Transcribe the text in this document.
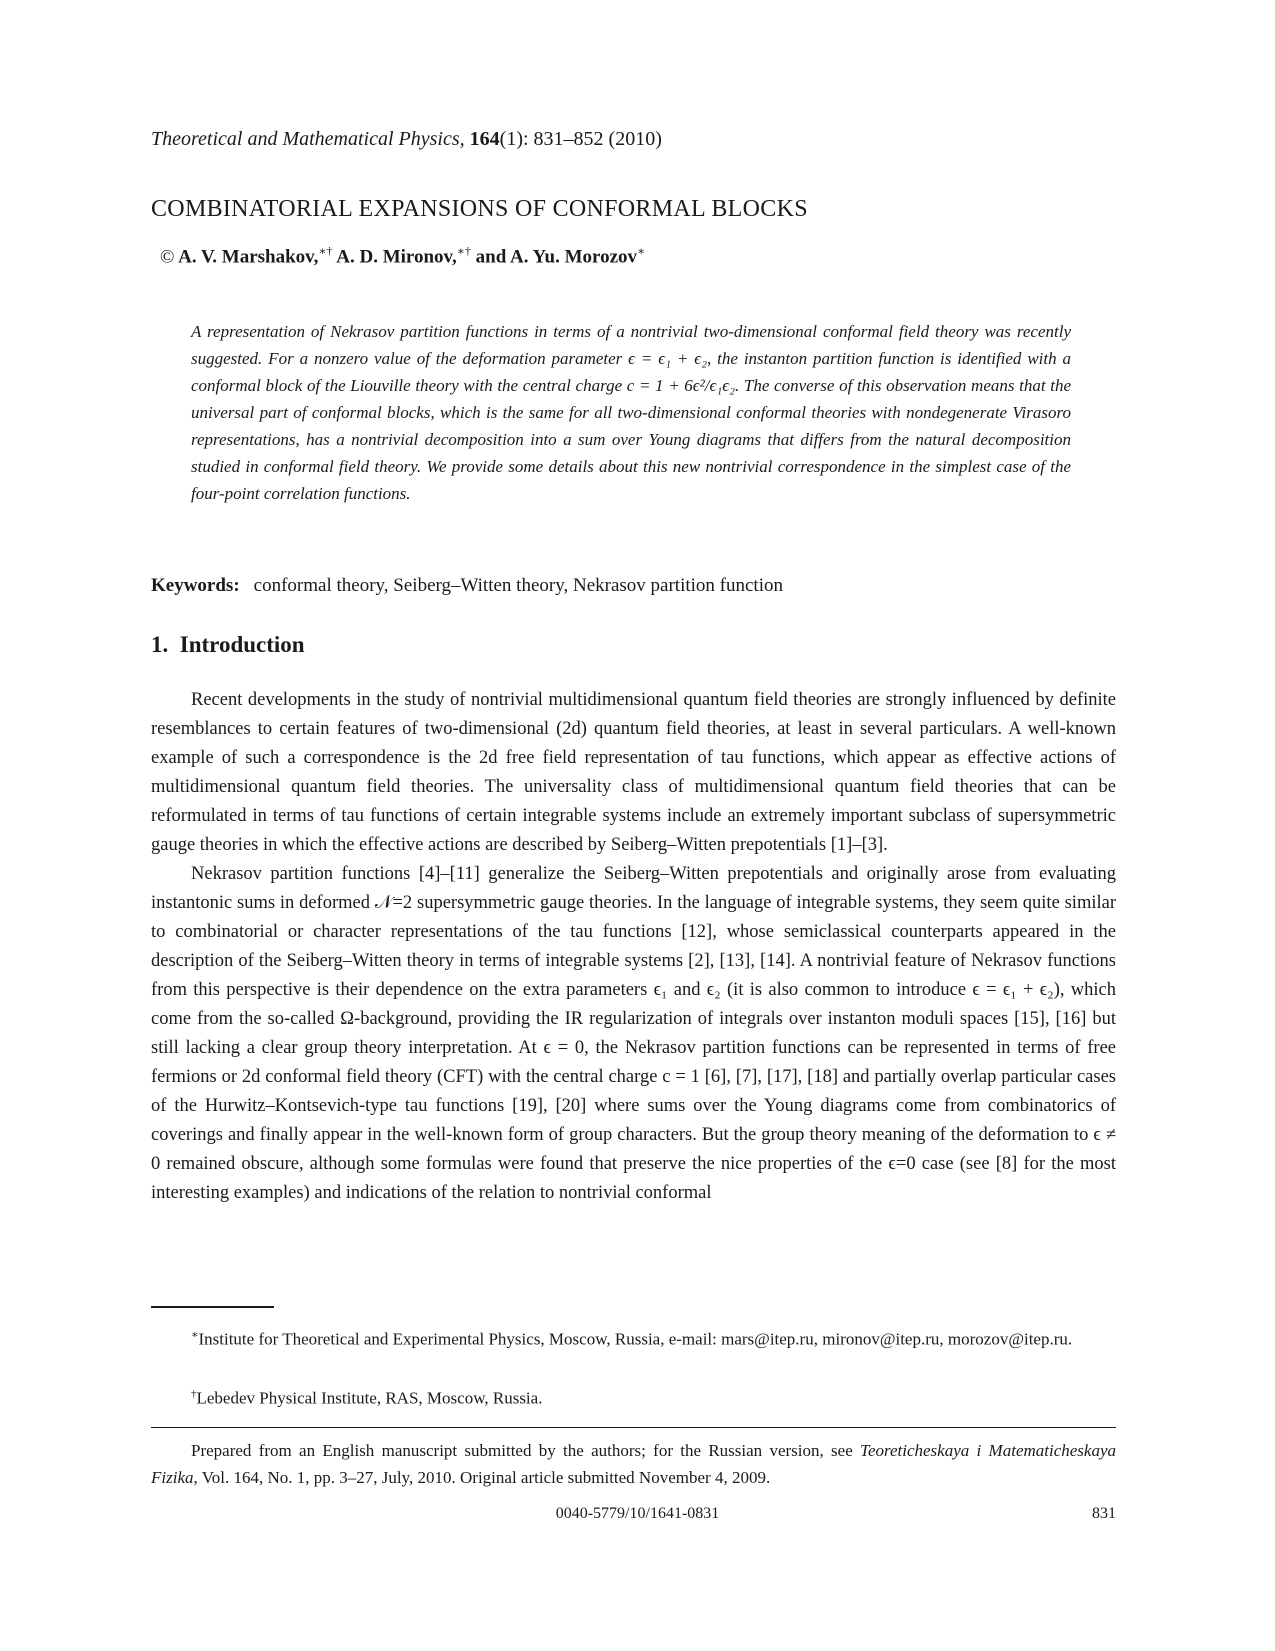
Theoretical and Mathematical Physics, 164(1): 831–852 (2010)
COMBINATORIAL EXPANSIONS OF CONFORMAL BLOCKS
© A. V. Marshakov,∗† A. D. Mironov,∗† and A. Yu. Morozov∗
A representation of Nekrasov partition functions in terms of a nontrivial two-dimensional conformal field theory was recently suggested. For a nonzero value of the deformation parameter ϵ = ϵ₁ + ϵ₂, the instanton partition function is identified with a conformal block of the Liouville theory with the central charge c = 1 + 6ϵ²/ϵ₁ϵ₂. The converse of this observation means that the universal part of conformal blocks, which is the same for all two-dimensional conformal theories with nondegenerate Virasoro representations, has a nontrivial decomposition into a sum over Young diagrams that differs from the natural decomposition studied in conformal field theory. We provide some details about this new nontrivial correspondence in the simplest case of the four-point correlation functions.
Keywords: conformal theory, Seiberg–Witten theory, Nekrasov partition function
1. Introduction

Recent developments in the study of nontrivial multidimensional quantum field theories are strongly influenced by definite resemblances to certain features of two-dimensional (2d) quantum field theories, at least in several particulars. A well-known example of such a correspondence is the 2d free field representation of tau functions, which appear as effective actions of multidimensional quantum field theories. The universality class of multidimensional quantum field theories that can be reformulated in terms of tau functions of certain integrable systems include an extremely important subclass of supersymmetric gauge theories in which the effective actions are described by Seiberg–Witten prepotentials [1]–[3].

Nekrasov partition functions [4]–[11] generalize the Seiberg–Witten prepotentials and originally arose from evaluating instantonic sums in deformed 𝒩=2 supersymmetric gauge theories. In the language of integrable systems, they seem quite similar to combinatorial or character representations of the tau functions [12], whose semiclassical counterparts appeared in the description of the Seiberg–Witten theory in terms of integrable systems [2], [13], [14]. A nontrivial feature of Nekrasov functions from this perspective is their dependence on the extra parameters ϵ₁ and ϵ₂ (it is also common to introduce ϵ = ϵ₁ + ϵ₂), which come from the so-called Ω-background, providing the IR regularization of integrals over instanton moduli spaces [15], [16] but still lacking a clear group theory interpretation. At ϵ = 0, the Nekrasov partition functions can be represented in terms of free fermions or 2d conformal field theory (CFT) with the central charge c = 1 [6], [7], [17], [18] and partially overlap particular cases of the Hurwitz–Kontsevich-type tau functions [19], [20] where sums over the Young diagrams come from combinatorics of coverings and finally appear in the well-known form of group characters. But the group theory meaning of the deformation to ϵ ≠ 0 remained obscure, although some formulas were found that preserve the nice properties of the ϵ=0 case (see [8] for the most interesting examples) and indications of the relation to nontrivial conformal

∗Institute for Theoretical and Experimental Physics, Moscow, Russia, e-mail: mars@itep.ru, mironov@itep.ru, morozov@itep.ru.
†Lebedev Physical Institute, RAS, Moscow, Russia.
Prepared from an English manuscript submitted by the authors; for the Russian version, see Teoreticheskaya i Matematicheskaya Fizika, Vol. 164, No. 1, pp. 3–27, July, 2010. Original article submitted November 4, 2009.
0040-5779/10/1641-0831	831
